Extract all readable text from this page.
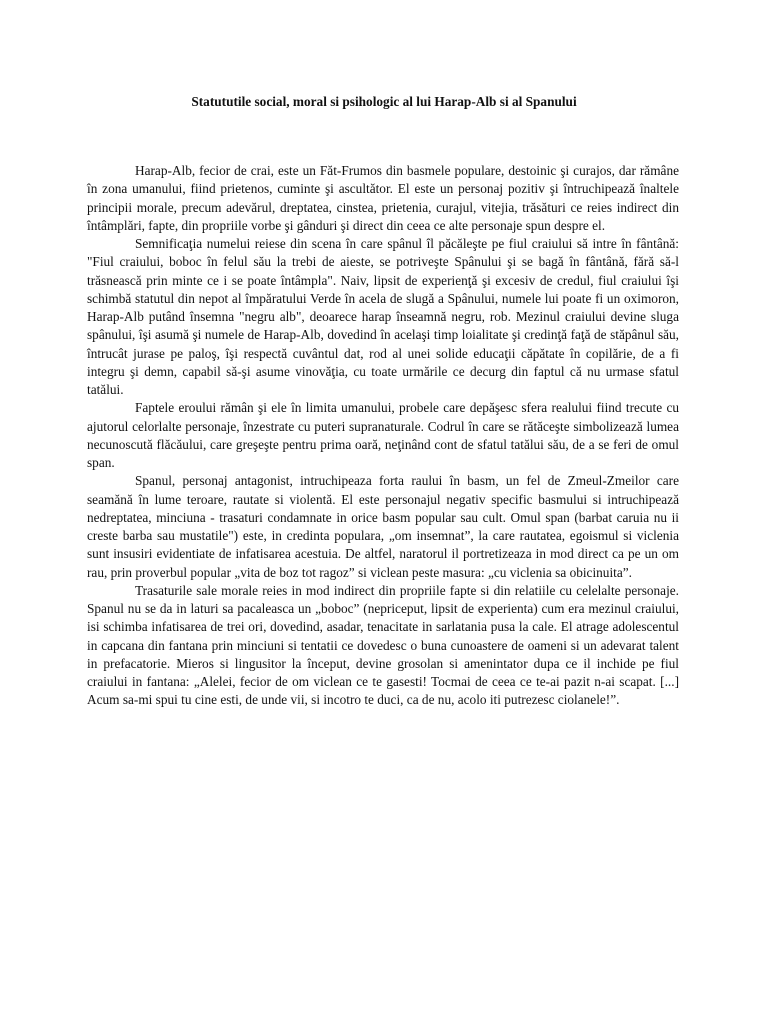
Statututile social, moral si psihologic al lui Harap-Alb si al Spanului

Harap-Alb, fecior de crai, este un Făt-Frumos din basmele populare, destoinic şi curajos, dar rămâne în zona umanului, fiind prietenos, cuminte şi ascultător. El este un personaj pozitiv şi întruchipează înaltele principii morale, precum adevărul, dreptatea, cinstea, prietenia, curajul, vitejia, trăsături ce reies indirect din întâmplări, fapte, din propriile vorbe şi gânduri şi direct din ceea ce alte personaje spun despre el.

Semnificaţia numelui reiese din scena în care spânul îl păcăleşte pe fiul craiului să intre în fântână: "Fiul craiului, boboc în felul său la trebi de aieste, se potriveşte Spânului şi se bagă în fântână, fără să-l trăsnească prin minte ce i se poate întâmpla". Naiv, lipsit de experienţă şi excesiv de credul, fiul craiului îşi schimbă statutul din nepot al împăratului Verde în acela de slugă a Spânului, numele lui poate fi un oximoron, Harap-Alb putând însemna "negru alb", deoarece harap înseamnă negru, rob. Mezinul craiului devine sluga spânului, îşi asumă şi numele de Harap-Alb, dovedind în acelaşi timp loialitate şi credinţă faţă de stăpânul său, întrucât jurase pe paloş, îşi respectă cuvântul dat, rod al unei solide educaţii căpătate în copilărie, de a fi integru şi demn, capabil să-şi asume vinovăţia, cu toate urmările ce decurg din faptul că nu urmase sfatul tatălui.

Faptele eroului rămân şi ele în limita umanului, probele care depăşesc sfera realului fiind trecute cu ajutorul celorlalte personaje, înzestrate cu puteri supranaturale. Codrul în care se rătăceşte simbolizează lumea necunoscută flăcăului, care greşeşte pentru prima oară, neţinând cont de sfatul tatălui său, de a se feri de omul span.

Spanul, personaj antagonist, intruchipeaza forta raului în basm, un fel de Zmeul-Zmeilor care seamănă în lume teroare, rautate si violentă. El este personajul negativ specific basmului si intruchipează nedreptatea, minciuna - trasaturi condamnate in orice basm popular sau cult. Omul span (barbat caruia nu ii creste barba sau mustatile") este, in credinta populara, „om insemnat”, la care rautatea, egoismul si viclenia sunt insusiri evidentiate de infatisarea acestuia. De altfel, naratorul il portretizeaza in mod direct ca pe un om rau, prin proverbul popular „vita de boz tot ragoz” si viclean peste masura: „cu viclenia sa obicinuita”.

Trasaturile sale morale reies in mod indirect din propriile fapte si din relatiile cu celelalte personaje. Spanul nu se da in laturi sa pacaleasca un „boboc” (nepriceput, lipsit de experienta) cum era mezinul craiului, isi schimba infatisarea de trei ori, dovedind, asadar, tenacitate in sarlatania pusa la cale. El atrage adolescentul in capcana din fantana prin minciuni si tentatii ce dovedesc o buna cunoastere de oameni si un adevarat talent in prefacatorie. Mieros si lingusitor la început, devine grosolan si amenintator dupa ce il inchide pe fiul craiului in fantana: „Alelei, fecior de om viclean ce te gasesti! Tocmai de ceea ce te-ai pazit n-ai scapat. [...] Acum sa-mi spui tu cine esti, de unde vii, si incotro te duci, ca de nu, acolo iti putrezesc ciolanele!”.
